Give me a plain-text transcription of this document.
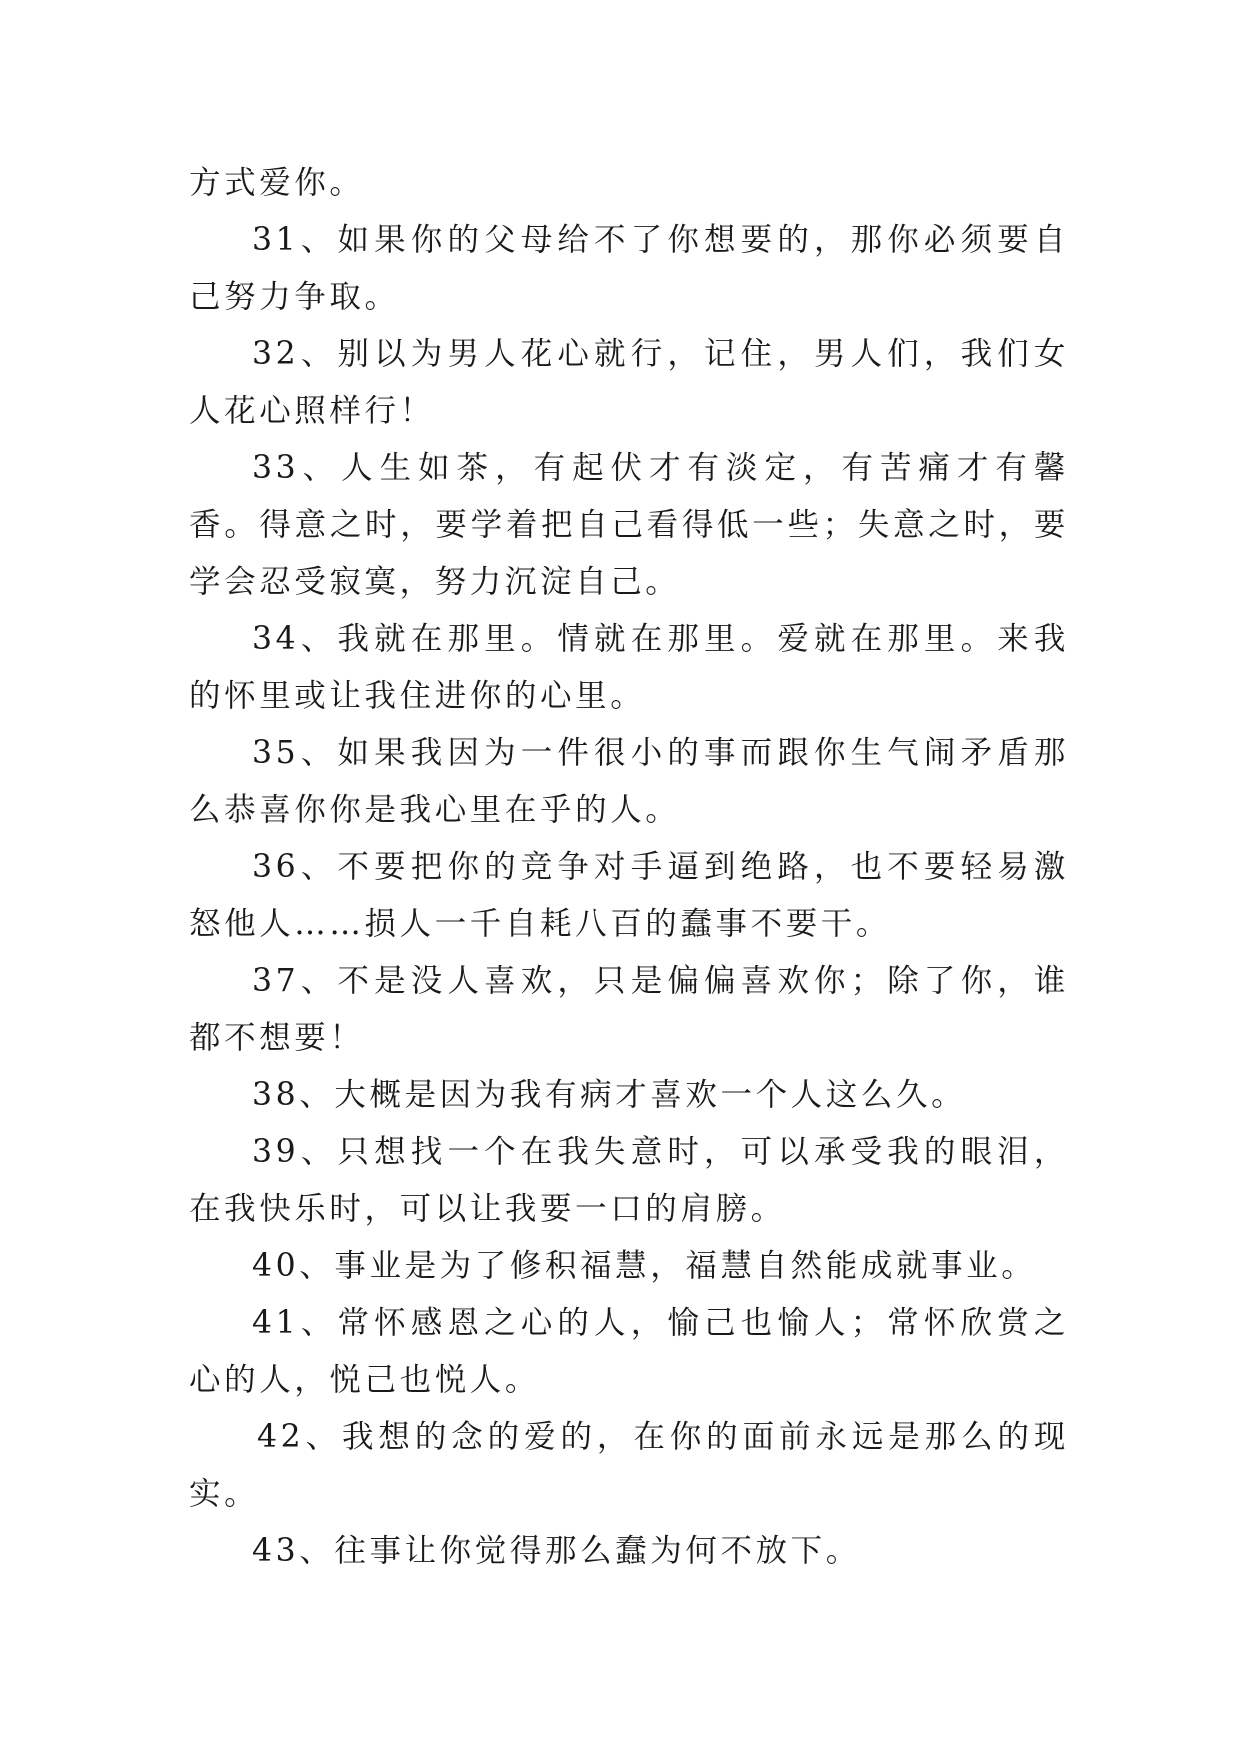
方式爱你。

31、如果你的父母给不了你想要的，那你必须要自己努力争取。

32、别以为男人花心就行，记住，男人们，我们女人花心照样行！

33、人生如茶，有起伏才有淡定，有苦痛才有馨香。得意之时，要学着把自己看得低一些；失意之时，要学会忍受寂寞，努力沉淀自己。

34、我就在那里。情就在那里。爱就在那里。来我的怀里或让我住进你的心里。

35、如果我因为一件很小的事而跟你生气闹矛盾那么恭喜你你是我心里在乎的人。

36、不要把你的竞争对手逼到绝路，也不要轻易激怒他人……损人一千自耗八百的蠢事不要干。

37、不是没人喜欢，只是偏偏喜欢你；除了你，谁都不想要！

38、大概是因为我有病才喜欢一个人这么久。

39、只想找一个在我失意时，可以承受我的眼泪，在我快乐时，可以让我要一口的肩膀。

40、事业是为了修积福慧，福慧自然能成就事业。

41、常怀感恩之心的人，愉己也愉人；常怀欣赏之心的人，悦己也悦人。

42、我想的念的爱的，在你的面前永远是那么的现实。

43、往事让你觉得那么蠢为何不放下。
